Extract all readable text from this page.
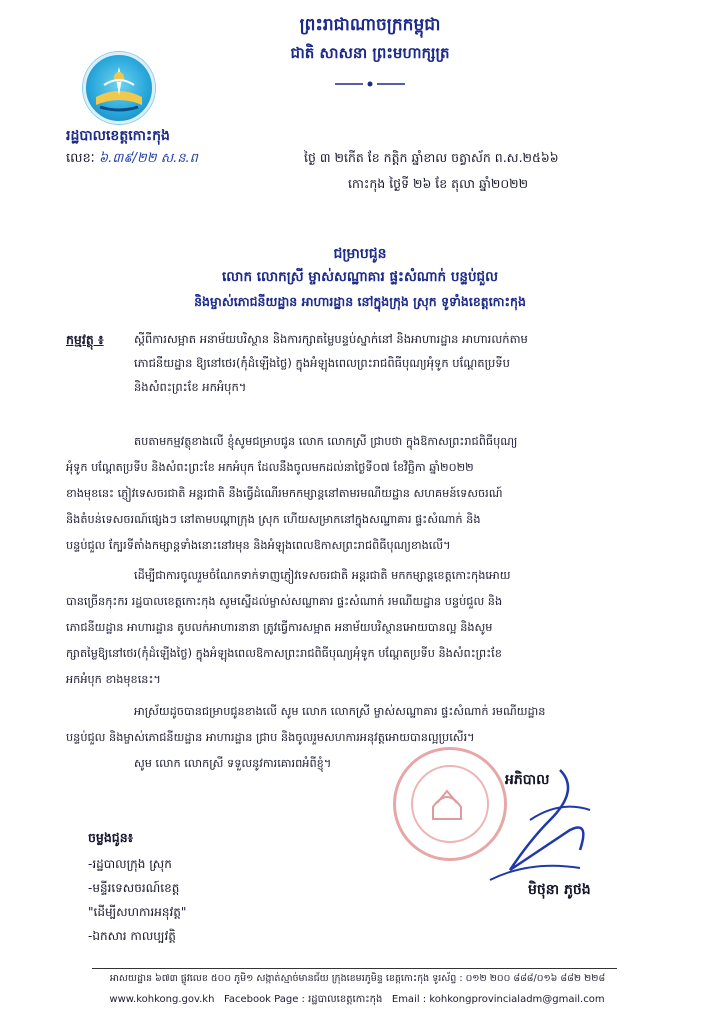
ព្រះរាជាណាចក្រកម្ពុជា
ជាតិ សាសនា ព្រះមហាក្សត្រ
រដ្ឋបាលខេត្តកោះកុង
លេខៈ ៦.៣៩/២២ ស.ន.ព	ថ្ងៃ ៣ ២កើត ខែ កត្តិក ឆ្នាំខាល ចត្វាស័ក ព.ស.២៥៦៦
កោះកុង ថ្ងៃទី ២៦ ខែ តុលា ឆ្នាំ២០២២
ជម្រាបជូន
លោក លោកស្រី ម្ចាស់សណ្ឋាគារ ផ្ទះសំណាក់ បន្ទប់ជួល
និងម្ចាស់ភោជនីយដ្ឋាន អាហារដ្ឋាន នៅក្នុងក្រុង ស្រុក ទូទាំងខេត្តកោះកុង
កម្មវត្ថុ ៖	ស្តីពីការសម្អាត អនាម័យបរិស្ថាន និងការក្សាតម្លៃបន្ទប់ស្នាក់នៅ និងអាហារដ្ឋាន អាហារលក់តាម
ភោជនីយដ្ឋាន ឱ្យនៅថេរ(កុំដំឡើងថ្លៃ) ក្នុងអំឡុងពេលព្រះរាជពិធីបុណ្យអុំទូក បណ្តែតប្រទីប
និងសំពះព្រះខែ អកអំបុក។
តបតាមកម្មវត្ថុខាងលើ ខ្ញុំសូមជម្រាបជូន លោក លោកស្រី ជ្រាបថា ក្នុងឱកាសព្រះរាជពិធីបុណ្យ
អុំទូក បណ្តែតប្រទីប និងសំពះព្រះខែ អកអំបុក ដែលនឹងចូលមកដល់នាថ្ងៃទី០៧ ខែវិច្ឆិកា ឆ្នាំ២០២២
ខាងមុខនេះ ភ្ញៀវទេសចរជាតិ អន្តរជាតិ នឹងធ្វើដំណើរមកកម្សាន្តនៅតាមរមណីយដ្ឋាន សហគមន៍ទេសចរណ៍
និងតំបន់ទេសចរណ៍ផ្សេងៗ នៅតាមបណ្តាក្រុង ស្រុក ហើយសម្រាកនៅក្នុងសណ្ឋាគារ ផ្ទះសំណាក់ និង
បន្ទប់ជួល ក្បែរទីតាំងកម្សាន្តទាំងនោះនៅរមុន និងអំឡុងពេលឱកាសព្រះរាជពិធីបុណ្យខាងលើ។
ដើម្បីជាការចូលរួមចំណែកទាក់ទាញភ្ញៀវទេសចរជាតិ អន្តរជាតិ មកកម្សាន្តខេត្តកោះកុងអោយ
បានច្រើនកុះករ រដ្ឋបាលខេត្តកោះកុង សូមស្នើដល់ម្ចាស់សណ្ឋាគារ ផ្ទះសំណាក់ រមណីយដ្ឋាន បន្ទប់ជួល និង
ភោជនីយដ្ឋាន អាហារដ្ឋាន តូបលក់អាហារនានា ត្រូវធ្វើការសម្អាត អនាម័យបរិស្ថានអោយបានល្អ និងសូម
ក្សាតម្លៃឱ្យនៅថេរ(កុំដំឡើងថ្លៃ) ក្នុងអំឡុងពេលឱកាសព្រះរាជពិធីបុណ្យអុំទូក បណ្តែតប្រទីប និងសំពះព្រះខែ
អកអំបុក ខាងមុខនេះ។
អាស្រ័យដូចបានជម្រាបជូនខាងលើ សូម លោក លោកស្រី ម្ចាស់សណ្ឋាគារ ផ្ទះសំណាក់ រមណីយដ្ឋាន
បន្ទប់ជួល និងម្ចាស់ភោជនីយដ្ឋាន អាហារដ្ឋាន ជ្រាប និងចូលរួមសហការអនុវត្តអោយបានល្អប្រសើរ។
សូម លោក លោកស្រី ទទួលនូវការគោរពអំពីខ្ញុំ។
អភិបាល
មិថុនា ភូថង
ចម្លងជូន៖
-រដ្ឋបាលក្រុង ស្រុក
-មន្ទីរទេសចរណ៍ខេត្ត
"ដើម្បីសហការអនុវត្ត"
-ឯកសារ កាលប្បវត្តិ
អាសយដ្ឋាន ៦៧៣ ផ្លូវលេខ ៥០០ ភូមិ១ សង្កាត់ស្មាច់មានជ័យ ក្រុងខេមរភូមិន្ទ ខេត្តកោះកុង ទូរស័ព្ទ : ០១២ ២០០ ៨៨៨/០១៦ ៨៨២ ២២៨
www.kohkong.gov.kh Facebook Page : រដ្ឋបាលខេត្តកោះកុង Email : kohkongprovincialadm@gmail.com
